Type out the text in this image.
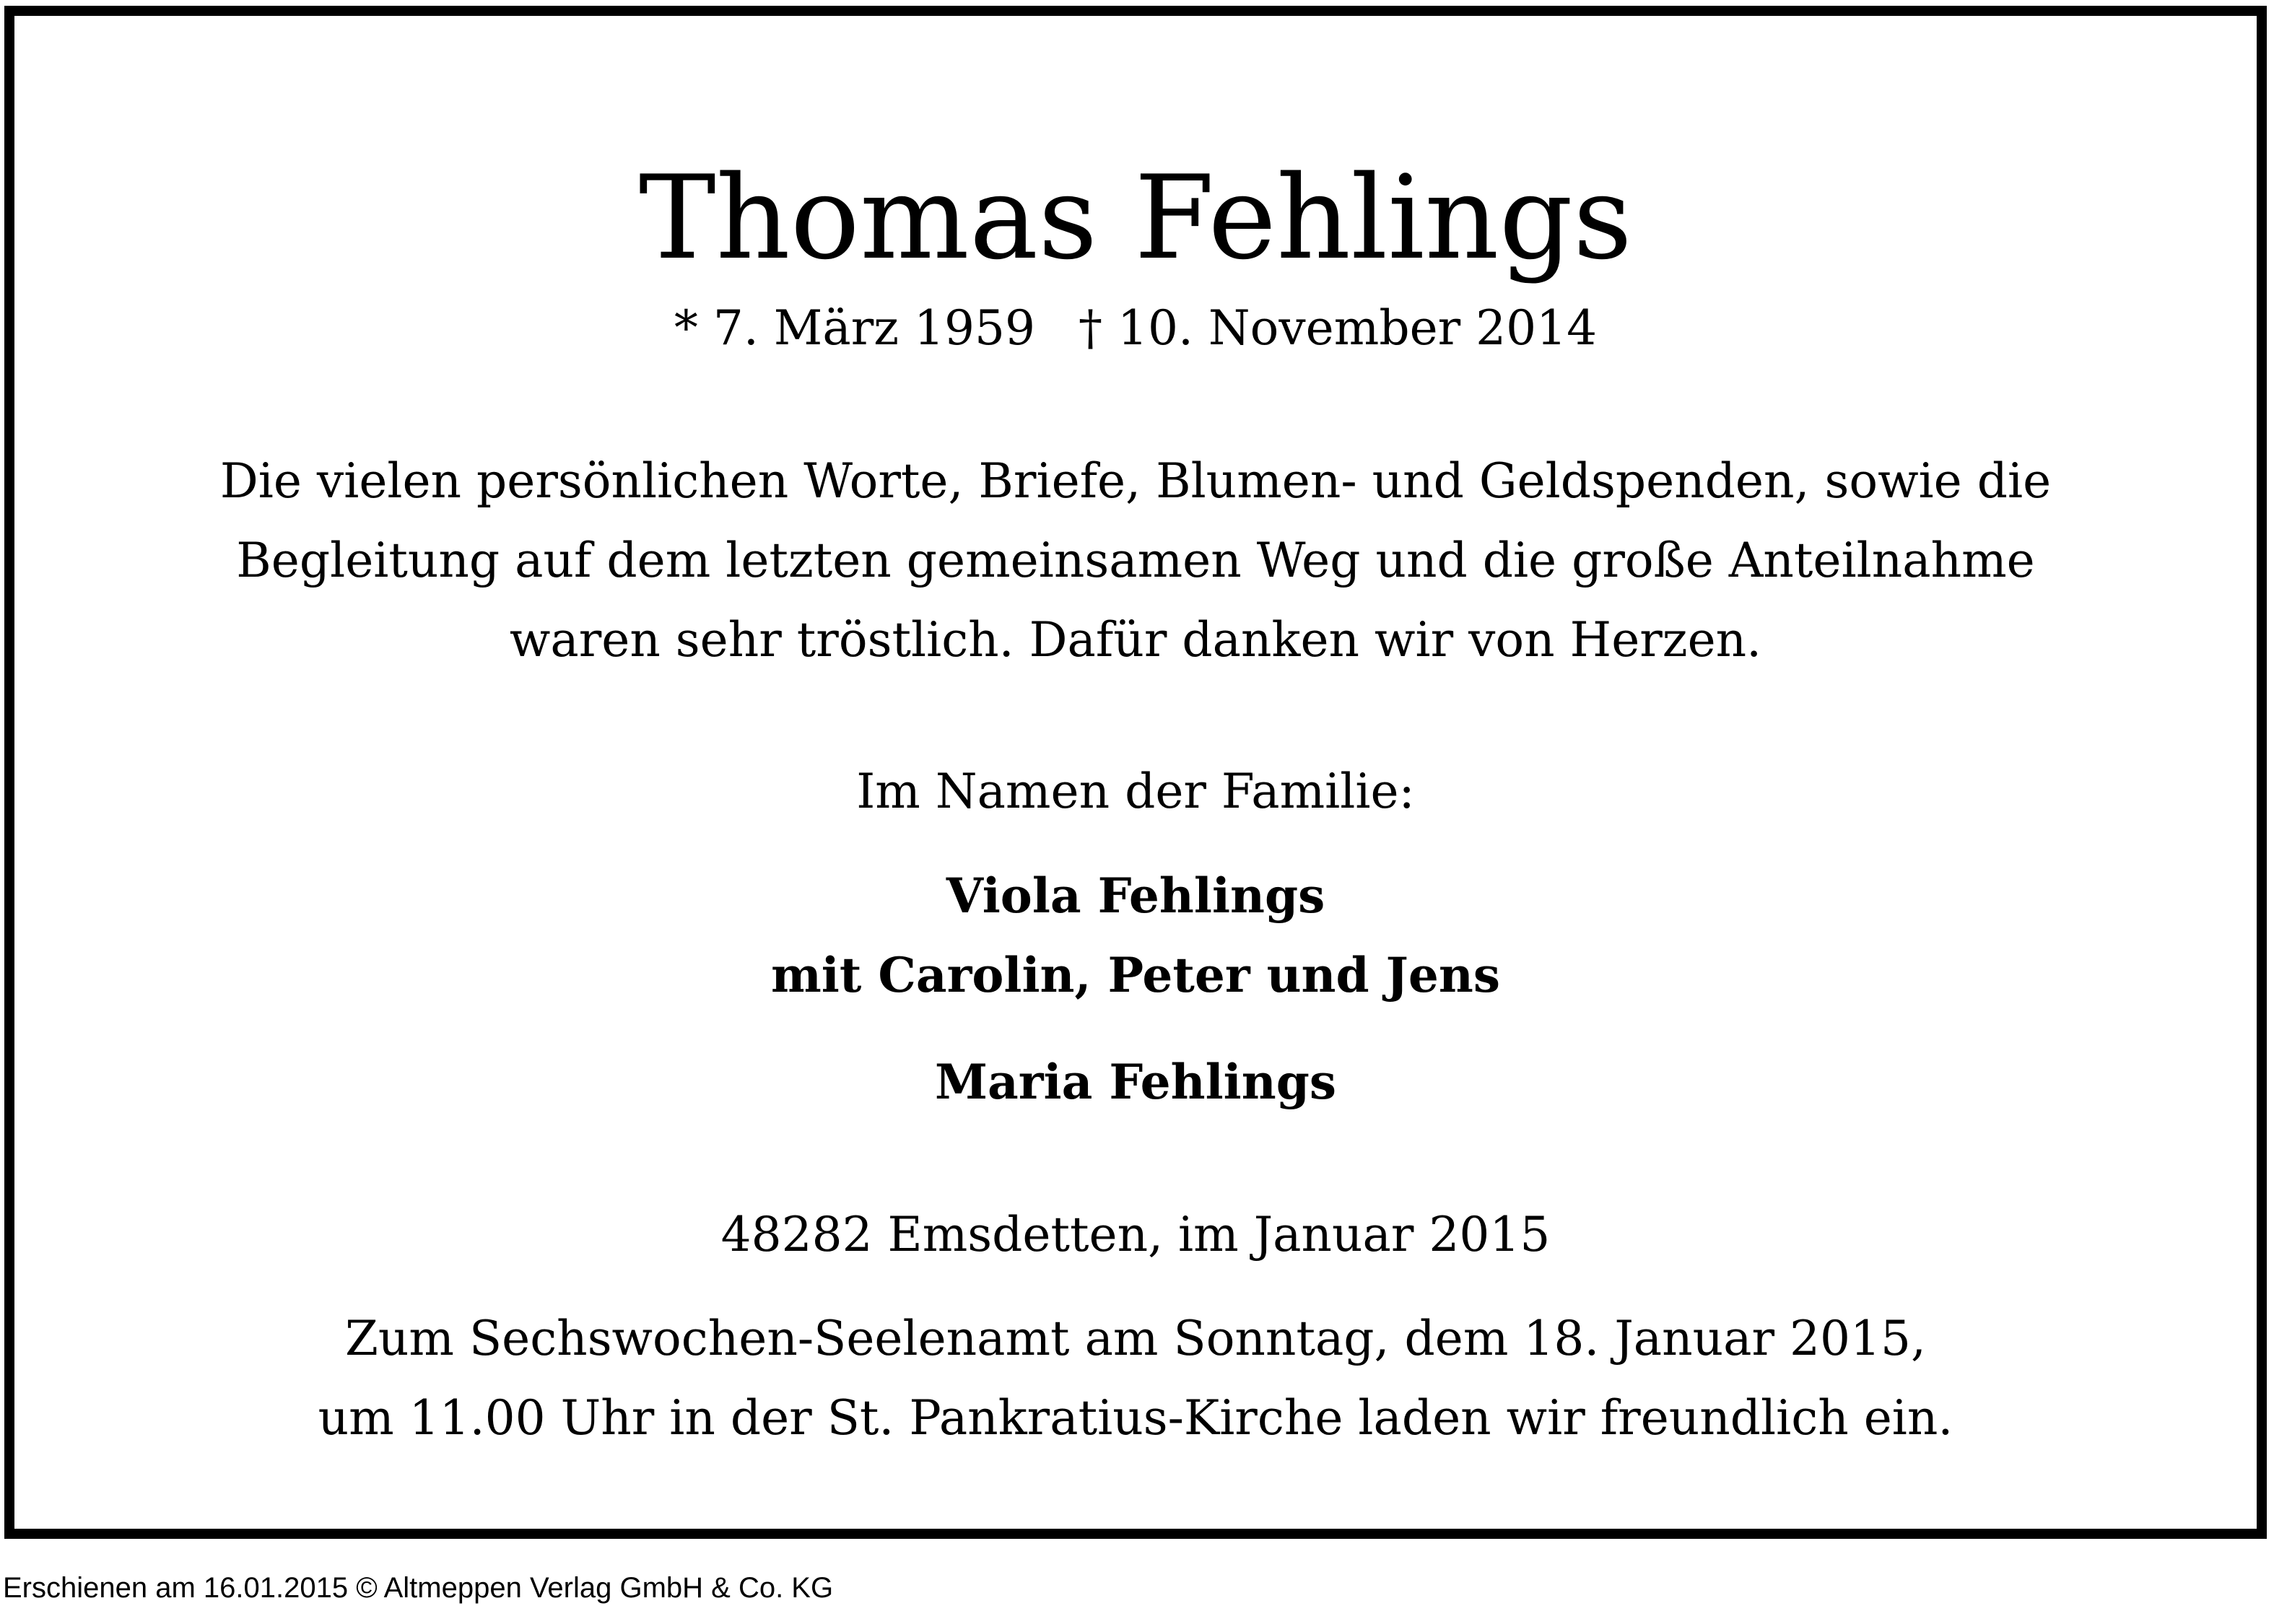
Thomas Fehlings
* 7. März 1959 † 10. November 2014
Die vielen persönlichen Worte, Briefe, Blumen- und Geldspenden, sowie die
Begleitung auf dem letzten gemeinsamen Weg und die große Anteilnahme
waren sehr tröstlich. Dafür danken wir von Herzen.
Im Namen der Familie:
Viola Fehlings
mit Carolin, Peter und Jens
Maria Fehlings
48282 Emsdetten, im Januar 2015
Zum Sechswochen-Seelenamt am Sonntag, dem 18. Januar 2015,
um 11.00 Uhr in der St. Pankratius-Kirche laden wir freundlich ein.
Erschienen am 16.01.2015 © Altmeppen Verlag GmbH & Co. KG
